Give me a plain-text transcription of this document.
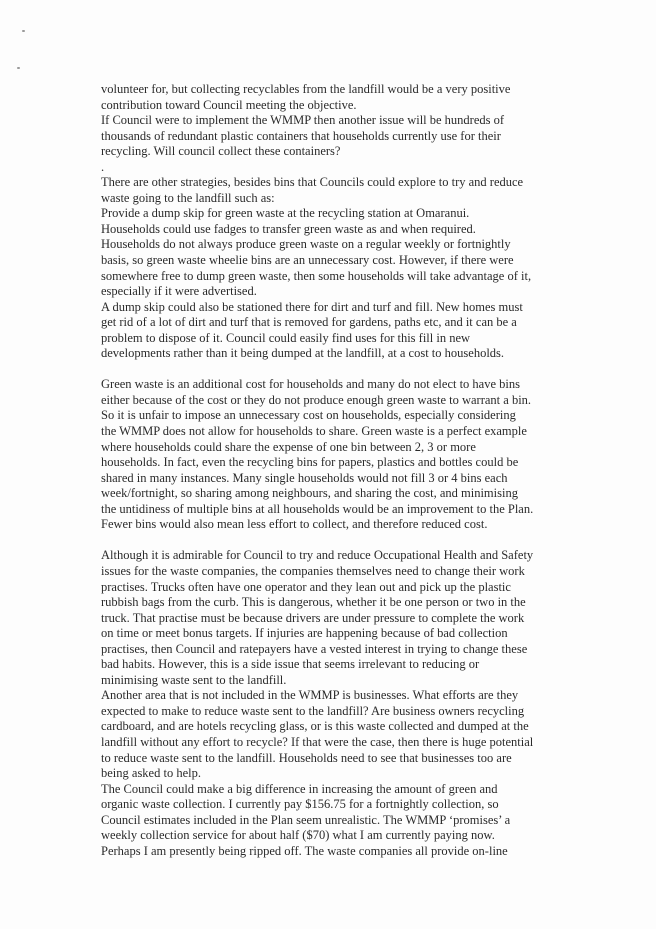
volunteer for, but collecting recyclables from the landfill would be a very positive
contribution toward Council meeting the objective.
If Council were to implement the WMMP then another issue will be hundreds of
thousands of redundant plastic containers that households currently use for their
recycling. Will council collect these containers?
.
There are other strategies, besides bins that Councils could explore to try and reduce
waste going to the landfill such as:
Provide a dump skip for green waste at the recycling station at Omaranui.
Households could use fadges to transfer green waste as and when required.
Households do not always produce green waste on a regular weekly or fortnightly
basis, so green waste wheelie bins are an unnecessary cost. However, if there were
somewhere free to dump green waste, then some households will take advantage of it,
especially if it were advertised.
A dump skip could also be stationed there for dirt and turf and fill. New homes must
get rid of a lot of dirt and turf that is removed for gardens, paths etc, and it can be a
problem to dispose of it. Council could easily find uses for this fill in new
developments rather than it being dumped at the landfill, at a cost to households.
Green waste is an additional cost for households and many do not elect to have bins
either because of the cost or they do not produce enough green waste to warrant a bin.
So it is unfair to impose an unnecessary cost on households, especially considering
the WMMP does not allow for households to share. Green waste is a perfect example
where households could share the expense of one bin between 2, 3 or more
households. In fact, even the recycling bins for papers, plastics and bottles could be
shared in many instances. Many single households would not fill 3 or 4 bins each
week/fortnight, so sharing among neighbours, and sharing the cost, and minimising
the untidiness of multiple bins at all households would be an improvement to the Plan.
Fewer bins would also mean less effort to collect, and therefore reduced cost.
Although it is admirable for Council to try and reduce Occupational Health and Safety
issues for the waste companies, the companies themselves need to change their work
practises. Trucks often have one operator and they lean out and pick up the plastic
rubbish bags from the curb. This is dangerous, whether it be one person or two in the
truck. That practise must be because drivers are under pressure to complete the work
on time or meet bonus targets. If injuries are happening because of bad collection
practises, then Council and ratepayers have a vested interest in trying to change these
bad habits. However, this is a side issue that seems irrelevant to reducing or
minimising waste sent to the landfill.
Another area that is not included in the WMMP is businesses. What efforts are they
expected to make to reduce waste sent to the landfill? Are business owners recycling
cardboard, and are hotels recycling glass, or is this waste collected and dumped at the
landfill without any effort to recycle? If that were the case, then there is huge potential
to reduce waste sent to the landfill. Households need to see that businesses too are
being asked to help.
The Council could make a big difference in increasing the amount of green and
organic waste collection. I currently pay $156.75 for a fortnightly collection, so
Council estimates included in the Plan seem unrealistic. The WMMP ‘promises’ a
weekly collection service for about half ($70) what I am currently paying now.
Perhaps I am presently being ripped off. The waste companies all provide on-line
